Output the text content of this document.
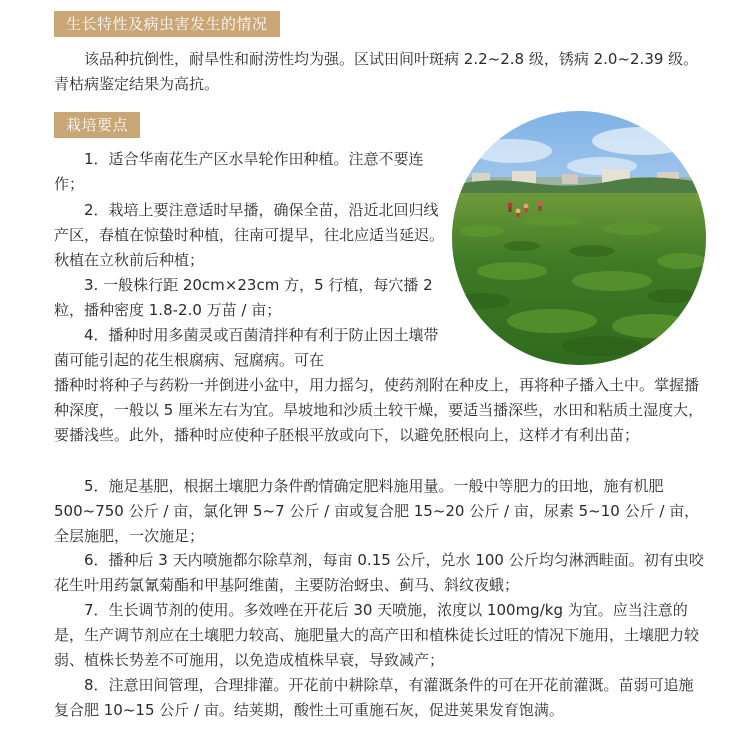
生长特性及病虫害发生的情况

该品种抗倒性，耐旱性和耐涝性均为强。区试田间叶斑病 2.2~2.8 级，锈病 2.0~2.39 级。青枯病鉴定结果为高抗。

栽培要点

1．适合华南花生产区水旱轮作田种植。注意不要连作；

2．栽培上要注意适时早播，确保全苗，沿近北回归线产区，春植在惊蛰时种植，往南可提早，往北应适当延迟。秋植在立秋前后种植；

3. 一般株行距 20cm×23cm 方，5 行植，每穴播 2 粒，播种密度 1.8-2.0 万苗 / 亩；

4．播种时用多菌灵或百菌清拌种有利于防止因土壤带菌可能引起的花生根腐病、冠腐病。可在

播种时将种子与药粉一并倒进小盆中，用力摇匀，使药剂附在种皮上，再将种子播入土中。掌握播种深度，一般以 5 厘米左右为宜。旱坡地和沙质土较干燥，要适当播深些，水田和粘质土湿度大，要播浅些。此外，播种时应使种子胚根平放或向下，以避免胚根向上，这样才有利出苗；

5．施足基肥，根据土壤肥力条件酌情确定肥料施用量。一般中等肥力的田地，施有机肥 500~750 公斤 / 亩，氯化钾 5~7 公斤 / 亩或复合肥 15~20 公斤 / 亩，尿素 5~10 公斤 / 亩，全层施肥，一次施足；

6．播种后 3 天内喷施都尔除草剂，每亩 0.15 公斤，兑水 100 公斤均匀淋洒畦面。初有虫咬花生叶用药氯氰菊酯和甲基阿维菌，主要防治蚜虫、蓟马、斜纹夜蛾；

7．生长调节剂的使用。多效唑在开花后 30 天喷施，浓度以 100mg/kg 为宜。应当注意的是，生产调节剂应在土壤肥力较高、施肥量大的高产田和植株徒长过旺的情况下施用，土壤肥力较弱、植株长势差不可施用，以免造成植株早衰，导致减产；

8．注意田间管理，合理排灌。开花前中耕除草，有灌溉条件的可在开花前灌溉。苗弱可追施复合肥 10~15 公斤 / 亩。结荚期，酸性土可重施石灰，促进荚果发育饱满。
